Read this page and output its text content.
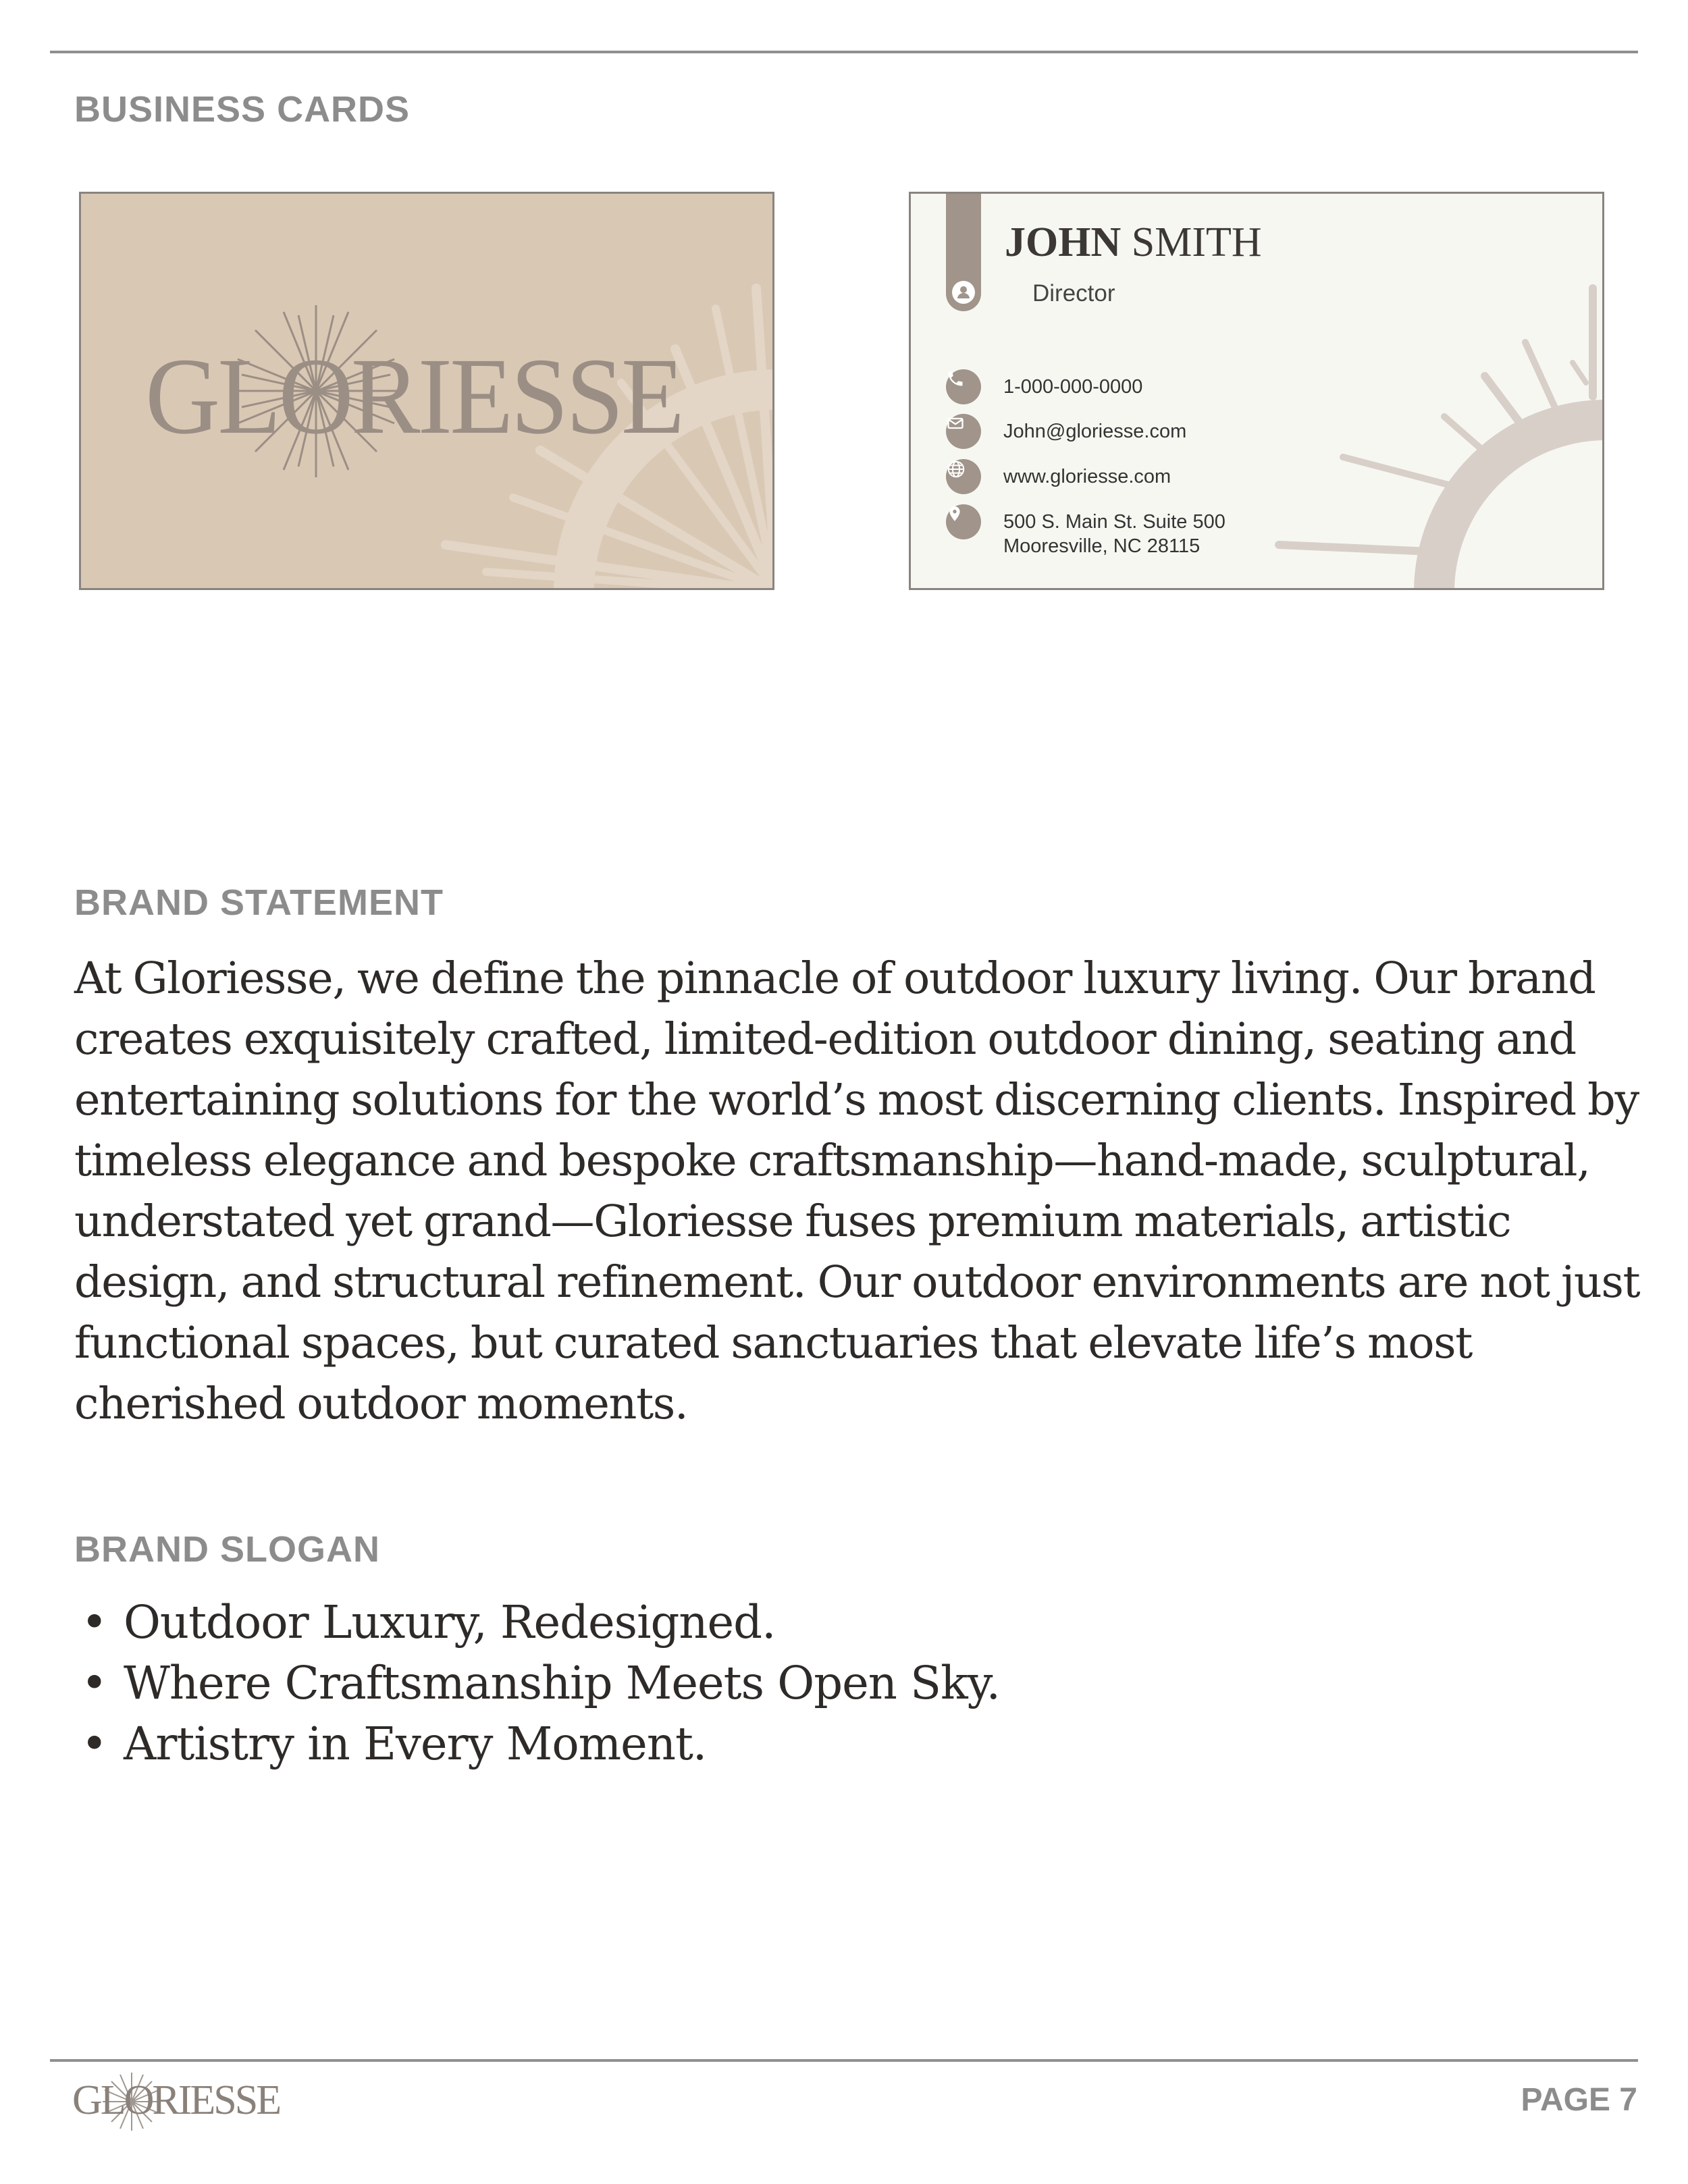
BUSINESS CARDS
GLORIESSE
JOHN SMITH
Director
1-000-000-0000
John@gloriesse.com
www.gloriesse.com
500 S. Main St. Suite 500
Mooresville, NC 28115
BRAND STATEMENT

At Gloriesse, we define the pinnacle of outdoor luxury living. Our brand creates exquisitely crafted, limited-edition outdoor dining, seating and entertaining solutions for the world’s most discerning clients. Inspired by timeless elegance and bespoke craftsmanship—hand-made, sculptural, understated yet grand—Gloriesse fuses premium materials, artistic design, and structural refinement. Our outdoor environments are not just functional spaces, but curated sanctuaries that elevate life’s most cherished outdoor moments.

BRAND SLOGAN
• Outdoor Luxury, Redesigned.
• Where Craftsmanship Meets Open Sky.
• Artistry in Every Moment.
GLORIESSE	PAGE 7
